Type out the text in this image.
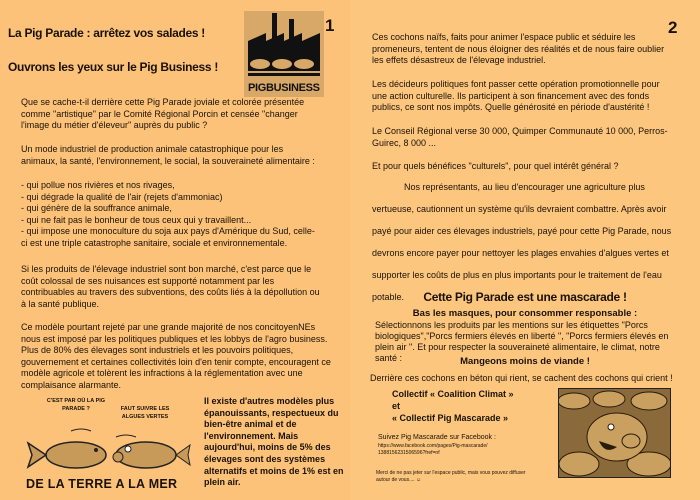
La Pig Parade : arrêtez vos salades !
Ouvrons les yeux sur le Pig Business !
PIGBUSINESS
1
Que se cache-t-il derrière cette Pig Parade joviale et colorée présentée comme "artistique" par le Comité Régional Porcin et censée "changer l'image du métier d'éleveur" auprès du public ?
Un mode industriel de production animale catastrophique pour les animaux, la santé, l'environnement, le social, la souveraineté alimentaire :
- qui pollue nos rivières et nos rivages,
- qui dégrade la qualité de l'air (rejets d'ammoniac)
- qui génère de la souffrance animale,
- qui ne fait pas le bonheur de tous ceux qui y travaillent...
- qui impose une monoculture du soja aux pays d'Amérique du Sud, celle-ci est une triple catastrophe sanitaire, sociale et environnementale.
Si les produits de l'élevage industriel sont bon marché, c'est parce que le coût colossal de ses nuisances est supporté notamment par les contribuables au travers des subventions, des coûts liés à la dépollution ou à la santé publique.
Ce modèle pourtant rejeté par une grande majorité de nos concitoyenNEs nous est imposé par les politiques publiques et les lobbys de l'agro business. Plus de 80% des élevages sont industriels et les pouvoirs politiques, gouvernement et certaines collectivités loin d'en tenir compte, encouragent ce modèle agricole et tolèrent les infractions à la réglementation avec une complaisance alarmante.
C'EST PAR OÙ LA PIG PARADE ?	FAUT SUIVRE LES ALGUES VERTES
DE LA TERRE A LA MER
Il existe d'autres modèles plus épanouissants, respectueux du bien-être animal et de l'environnement. Mais aujourd'hui, moins de 5% des élevages sont des systèmes alternatifs et moins de 1% est en plein air.
2
Ces cochons naïfs, faits pour animer l'espace public et séduire les promeneurs, tentent de nous éloigner des réalités et de nous faire oublier les effets désastreux de l'élevage industriel.
Les décideurs politiques font passer cette opération promotionnelle pour une action culturelle. Ils participent à son financement avec des fonds publics, ce sont nos impôts. Quelle générosité en période d'austérité !
Le Conseil Régional verse 30 000, Quimper Communauté 10 000, Perros-Guirec, 8 000 ...
Et pour quels bénéfices "culturels", pour quel intérêt général ?
Nos représentants, au lieu d'encourager une agriculture plus vertueuse, cautionnent un système qu'ils devraient combattre. Après avoir payé pour aider ces élevages industriels, payé pour cette Pig Parade, nous devrons encore payer pour nettoyer les plages envahies d'algues vertes et supporter les coûts de plus en plus importants pour le traitement de l'eau potable.	Cette Pig Parade est une mascarade !
Bas les masques, pour consommer responsable :
Sélectionnons les produits par les mentions sur les étiquettes "Porcs biologiques","Porcs fermiers élevés en liberté ", "Porcs fermiers élevés en plein air ". Et pour respecter la souveraineté alimentaire, le climat, notre santé :	Mangeons moins de viande !
Derrière ces cochons en béton qui rient, se cachent des cochons qui crient !
Collectif « Coalition Climat »
et
« Collectif Pig Mascarade »
Suivez Pig Mascarade sur Facebook :
https://www.facebook.com/pages/Pig-mascarade/1388156231506596?fref=nf
Merci de ne pas jeter sur l'espace public, mais vous pouvez diffuser autour de vous.... ☺
